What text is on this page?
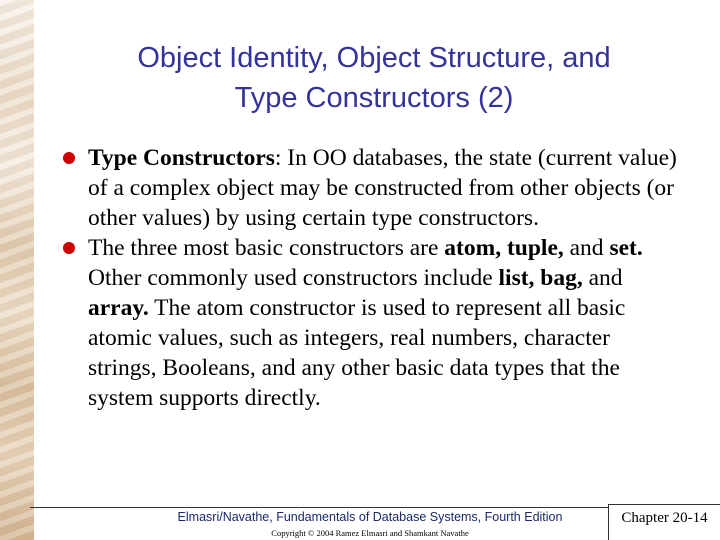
Object Identity, Object Structure, and
Type Constructors (2)
Type Constructors: In OO databases, the state (current value) of a complex object may be constructed from other objects (or other values) by using certain type constructors.
The three most basic constructors are atom, tuple, and set. Other commonly used constructors include list, bag, and array. The atom constructor is used to represent all basic atomic values, such as integers, real numbers, character strings, Booleans, and any other basic data types that the system supports directly.
Elmasri/Navathe, Fundamentals of Database Systems, Fourth Edition
Copyright © 2004 Ramez Elmasri and Shamkant Navathe
Chapter 20-14
